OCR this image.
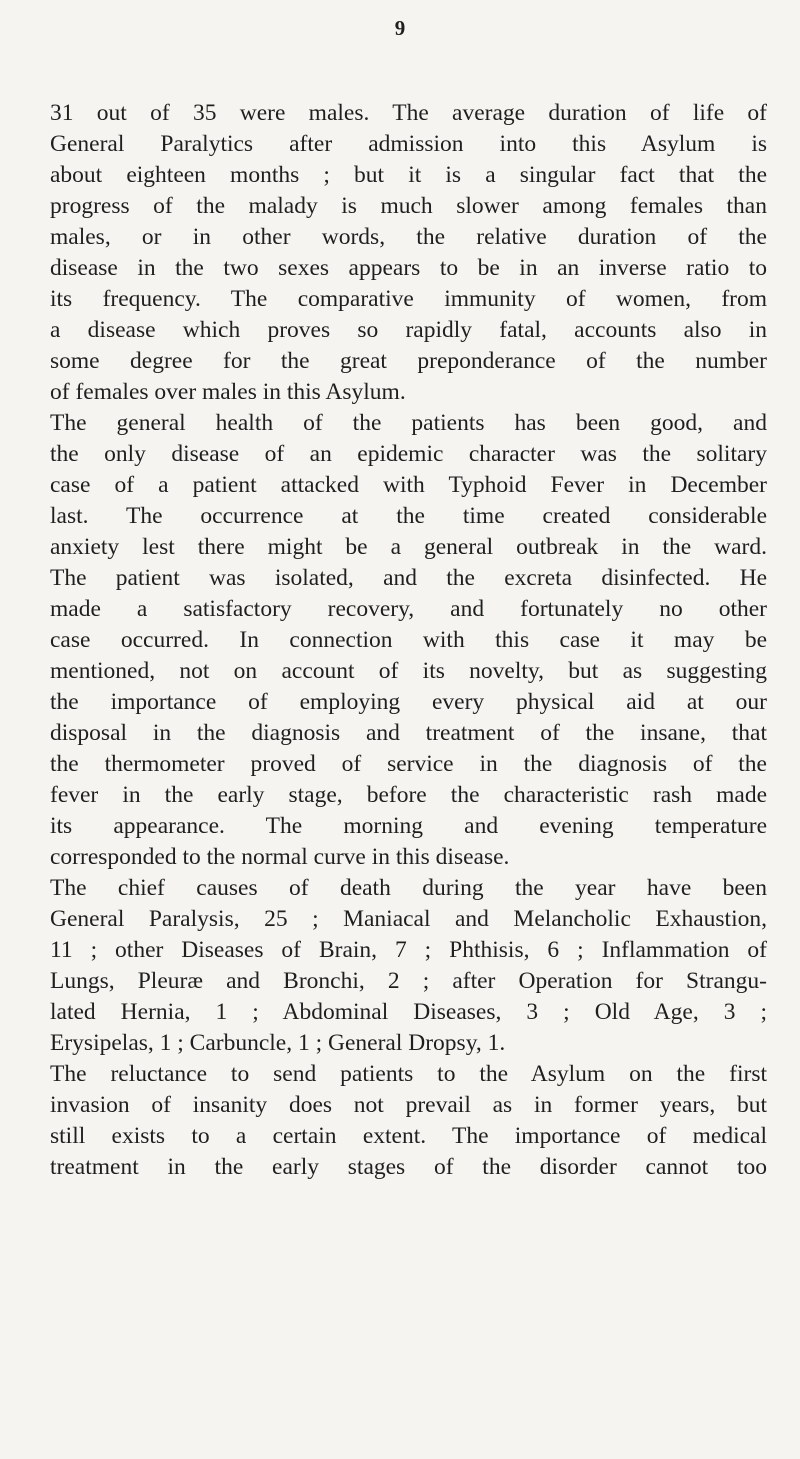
9
31 out of 35 were males. The average duration of life of
General Paralytics after admission into this Asylum is
about eighteen months ; but it is a singular fact that the
progress of the malady is much slower among females than
males, or in other words, the relative duration of the
disease in the two sexes appears to be in an inverse ratio to
its frequency. The comparative immunity of women, from
a disease which proves so rapidly fatal, accounts also in
some degree for the great preponderance of the number
of females over males in this Asylum.
The general health of the patients has been good, and
the only disease of an epidemic character was the solitary
case of a patient attacked with Typhoid Fever in December
last. The occurrence at the time created considerable
anxiety lest there might be a general outbreak in the ward.
The patient was isolated, and the excreta disinfected. He
made a satisfactory recovery, and fortunately no other
case occurred. In connection with this case it may be
mentioned, not on account of its novelty, but as suggesting
the importance of employing every physical aid at our
disposal in the diagnosis and treatment of the insane, that
the thermometer proved of service in the diagnosis of the
fever in the early stage, before the characteristic rash made
its appearance. The morning and evening temperature
corresponded to the normal curve in this disease.
The chief causes of death during the year have been
General Paralysis, 25 ; Maniacal and Melancholic Exhaustion,
11 ; other Diseases of Brain, 7 ; Phthisis, 6 ; Inflammation of
Lungs, Pleuræ and Bronchi, 2 ; after Operation for Strangu-
lated Hernia, 1 ; Abdominal Diseases, 3 ; Old Age, 3 ;
Erysipelas, 1 ; Carbuncle, 1 ; General Dropsy, 1.
The reluctance to send patients to the Asylum on the first
invasion of insanity does not prevail as in former years, but
still exists to a certain extent. The importance of medical
treatment in the early stages of the disorder cannot too
